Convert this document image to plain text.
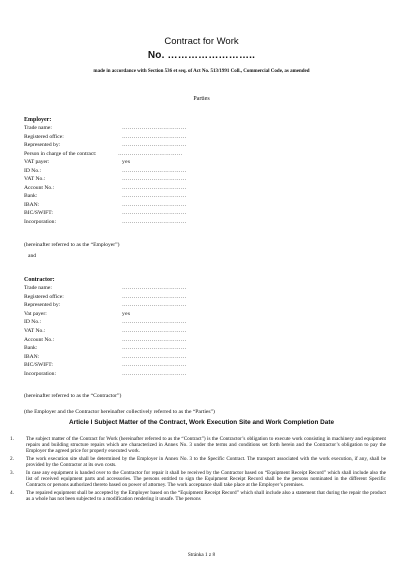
Contract for Work
No. ……………………..
made in accordance with Section 536 et seq. of Act No. 513/1991 Coll., Commercial Code, as amended
Parties
Employer:
Trade name:	……………………………
Registered office:	……………………………
Represented by:	……………………………
Person in charge of the contract:	……………………………
VAT payer:	yes
ID No.:	……………………………
VAT No.:	……………………………
Account No.:	……………………………
Bank:	……………………………
IBAN:	……………………………
BIC/SWIFT:	……………………………
Incorporation:	……………………………
(hereinafter referred to as the “Employer”)
and
Contractor:
Trade name:	……………………………
Registered office:	……………………………
Represented by:	……………………………
Vat payer:	yes
ID No.:	……………………………
VAT No.:	……………………………
Account No.:	……………………………
Bank:	……………………………
IBAN:	……………………………
BIC/SWIFT:	……………………………
Incorporation:	……………………………
(hereinafter referred to as the “Contractor”)
(the Employer and the Contractor hereinafter collectively referred to as the “Parties”)
Article I Subject Matter of the Contract, Work Execution Site and Work Completion Date
1. The subject matter of the Contract for Work (hereinafter referred to as the “Contract”) is the Contractor’s obligation to execute work consisting in machinery and equipment repairs and building structure repairs which are characterized in Annex No. 3 under the terms and conditions set forth herein and the Contractor’s obligation to pay the Employer the agreed price for properly executed work.
2. The work execution site shall be determined by the Employer in Annex No. 3 to the Specific Contract. The transport associated with the work execution, if any, shall be provided by the Contractor at its own costs.
3. In case any equipment is handed over to the Contractor for repair it shall be received by the Contractor based on “Equipment Receipt Record” which shall include also the list of received equipment parts and accessories. The persons entitled to sign the Equipment Receipt Record shall be the persons nominated in the different Specific Contracts or persons authorized thereto based on power of attorney. The work acceptance shall take place at the Employer’s premises.
4. The repaired equipment shall be accepted by the Employer based on the “Equipment Receipt Record” which shall include also a statement that during the repair the product as a whole has not been subjected to a modification rendering it unsafe. The persons
Stránka 1 z 8
